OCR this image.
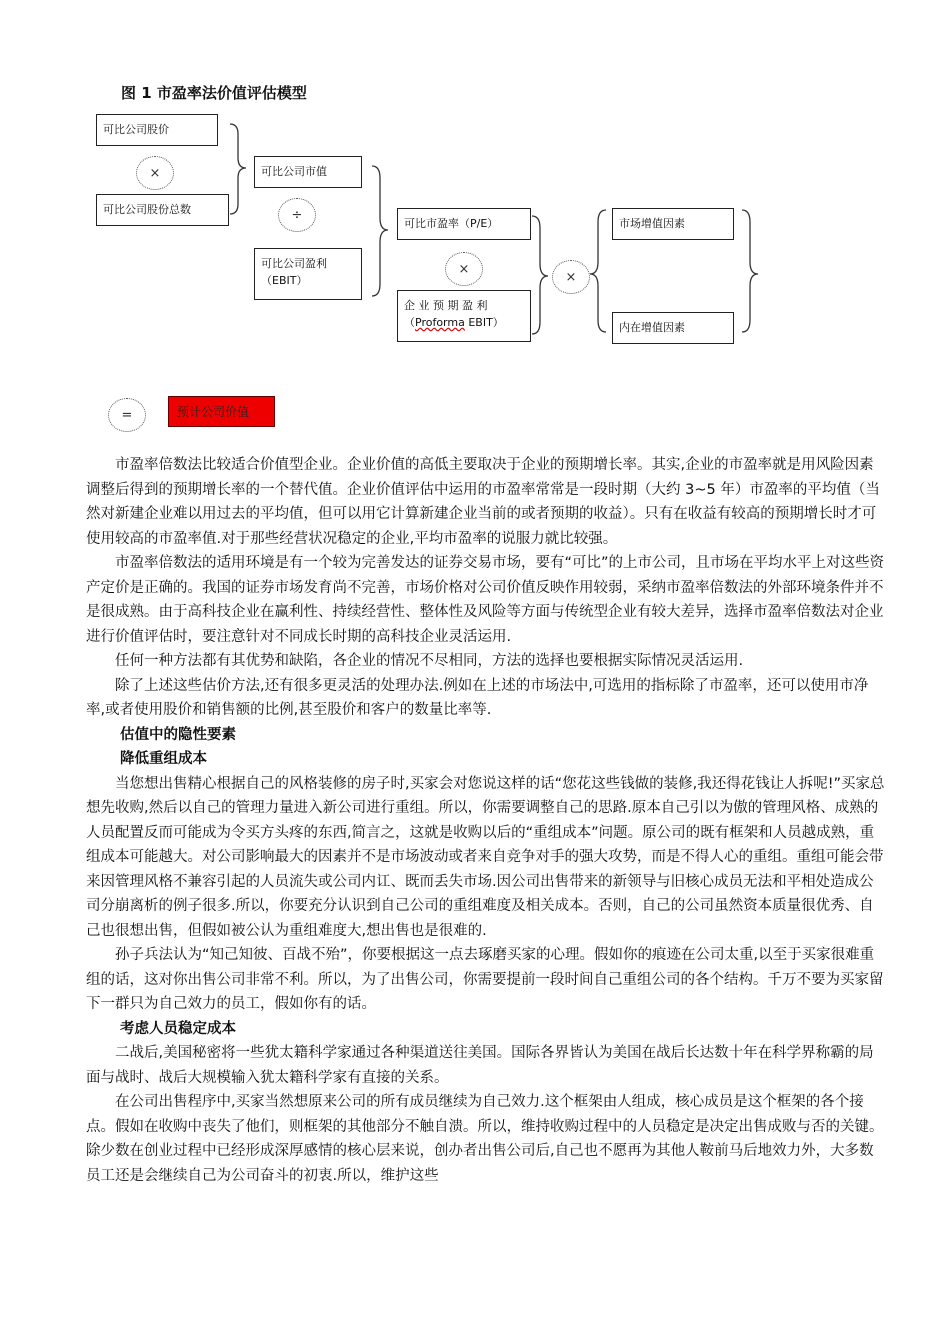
图 1 市盈率法价值评估模型
可比公司股价
×
可比公司股份总数
可比公司市值
÷
可比公司盈利
（EBIT）
可比市盈率（P/E）
×
企 业 预 期 盈 利
（Proforma EBIT）
×
市场增值因素
内在增值因素
=	预计公司价值

市盈率倍数法比较适合价值型企业。企业价值的高低主要取决于企业的预期增长率。其实,企业的市盈率就是用风险因素调整后得到的预期增长率的一个替代值。企业价值评估中运用的市盈率常常是一段时期（大约 3~5 年）市盈率的平均值（当然对新建企业难以用过去的平均值，但可以用它计算新建企业当前的或者预期的收益）。只有在收益有较高的预期增长时才可使用较高的市盈率值.对于那些经营状况稳定的企业,平均市盈率的说服力就比较强。

市盈率倍数法的适用环境是有一个较为完善发达的证券交易市场，要有“可比”的上市公司，且市场在平均水平上对这些资产定价是正确的。我国的证券市场发育尚不完善，市场价格对公司价值反映作用较弱，采纳市盈率倍数法的外部环境条件并不是很成熟。由于高科技企业在赢利性、持续经营性、整体性及风险等方面与传统型企业有较大差异，选择市盈率倍数法对企业进行价值评估时，要注意针对不同成长时期的高科技企业灵活运用.

任何一种方法都有其优势和缺陷，各企业的情况不尽相同，方法的选择也要根据实际情况灵活运用.

除了上述这些估价方法,还有很多更灵活的处理办法.例如在上述的市场法中,可选用的指标除了市盈率，还可以使用市净率,或者使用股价和销售额的比例,甚至股价和客户的数量比率等.

估值中的隐性要素
降低重组成本

当您想出售精心根据自己的风格装修的房子时,买家会对您说这样的话“您花这些钱做的装修,我还得花钱让人拆呢!”买家总想先收购,然后以自己的管理力量进入新公司进行重组。所以，你需要调整自己的思路.原本自己引以为傲的管理风格、成熟的人员配置反而可能成为令买方头疼的东西,简言之，这就是收购以后的“重组成本”问题。原公司的既有框架和人员越成熟，重组成本可能越大。对公司影响最大的因素并不是市场波动或者来自竞争对手的强大攻势，而是不得人心的重组。重组可能会带来因管理风格不兼容引起的人员流失或公司内讧、既而丢失市场.因公司出售带来的新领导与旧核心成员无法和平相处造成公司分崩离析的例子很多.所以，你要充分认识到自己公司的重组难度及相关成本。否则，自己的公司虽然资本质量很优秀、自己也很想出售，但假如被公认为重组难度大,想出售也是很难的.

孙子兵法认为“知己知彼、百战不殆”，你要根据这一点去琢磨买家的心理。假如你的痕迹在公司太重,以至于买家很难重组的话，这对你出售公司非常不利。所以，为了出售公司，你需要提前一段时间自己重组公司的各个结构。千万不要为买家留下一群只为自己效力的员工，假如你有的话。

考虑人员稳定成本

二战后,美国秘密将一些犹太籍科学家通过各种渠道送往美国。国际各界皆认为美国在战后长达数十年在科学界称霸的局面与战时、战后大规模输入犹太籍科学家有直接的关系。

在公司出售程序中,买家当然想原来公司的所有成员继续为自己效力.这个框架由人组成，核心成员是这个框架的各个接点。假如在收购中丧失了他们，则框架的其他部分不触自溃。所以，维持收购过程中的人员稳定是决定出售成败与否的关键。除少数在创业过程中已经形成深厚感情的核心层来说，创办者出售公司后,自己也不愿再为其他人鞍前马后地效力外，大多数员工还是会继续自己为公司奋斗的初衷.所以，维护这些
